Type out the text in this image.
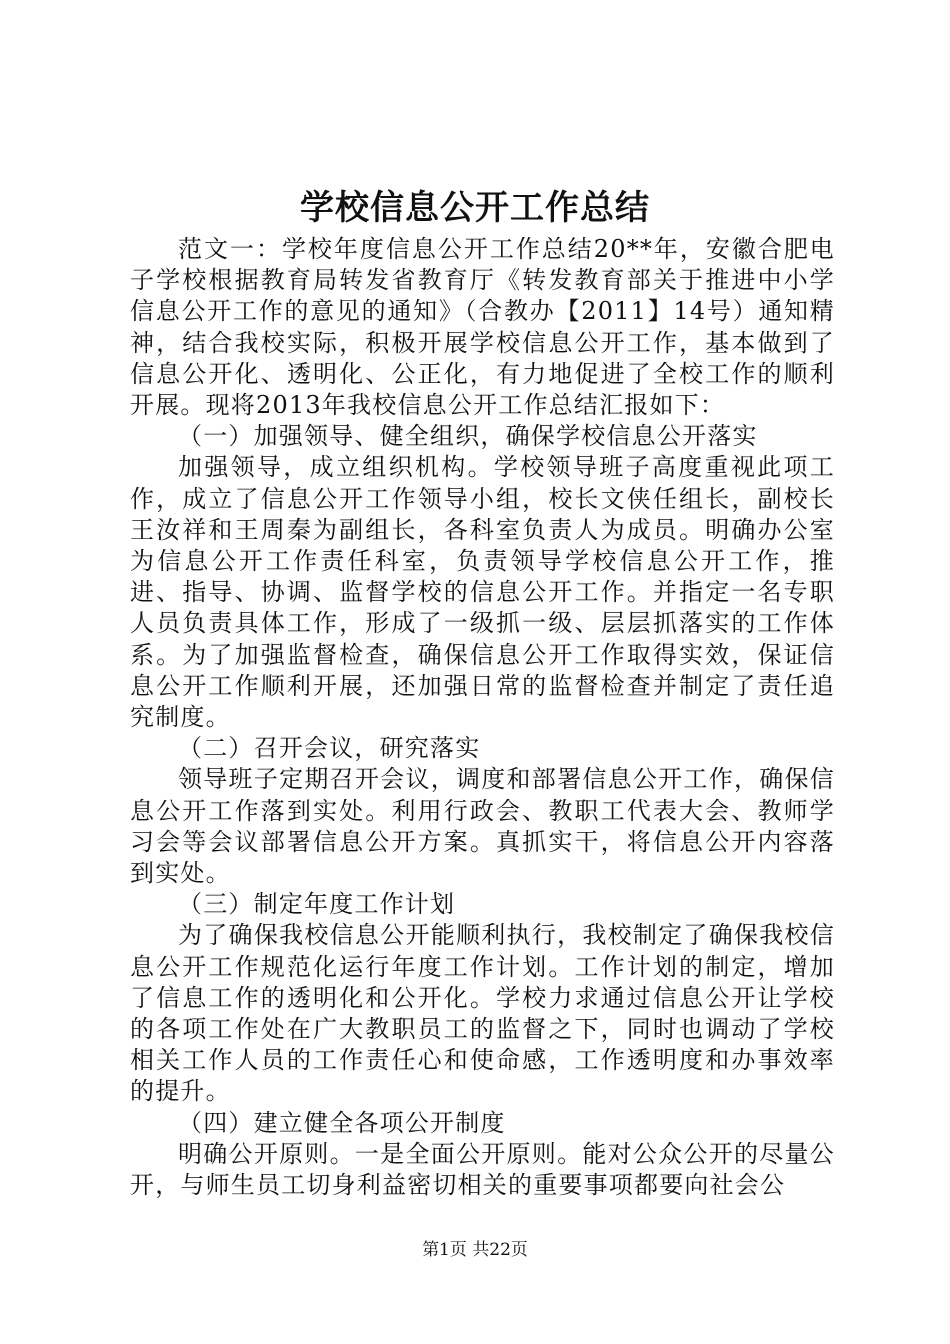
学校信息公开工作总结

范文一：学校年度信息公开工作总结20**年，安徽合肥电子学校根据教育局转发省教育厅《转发教育部关于推进中小学信息公开工作的意见的通知》（合教办【2011】14号）通知精神，结合我校实际，积极开展学校信息公开工作，基本做到了信息公开化、透明化、公正化，有力地促进了全校工作的顺利开展。现将2013年我校信息公开工作总结汇报如下：

（一）加强领导、健全组织，确保学校信息公开落实

加强领导，成立组织机构。学校领导班子高度重视此项工作，成立了信息公开工作领导小组，校长文侠任组长，副校长王汝祥和王周秦为副组长，各科室负责人为成员。明确办公室为信息公开工作责任科室，负责领导学校信息公开工作，推进、指导、协调、监督学校的信息公开工作。并指定一名专职人员负责具体工作，形成了一级抓一级、层层抓落实的工作体系。为了加强监督检查，确保信息公开工作取得实效，保证信息公开工作顺利开展，还加强日常的监督检查并制定了责任追究制度。

（二）召开会议，研究落实

领导班子定期召开会议，调度和部署信息公开工作，确保信息公开工作落到实处。利用行政会、教职工代表大会、教师学习会等会议部署信息公开方案。真抓实干，将信息公开内容落到实处。

（三）制定年度工作计划

为了确保我校信息公开能顺利执行，我校制定了确保我校信息公开工作规范化运行年度工作计划。工作计划的制定，增加了信息工作的透明化和公开化。学校力求通过信息公开让学校的各项工作处在广大教职员工的监督之下，同时也调动了学校相关工作人员的工作责任心和使命感，工作透明度和办事效率的提升。

（四）建立健全各项公开制度

明确公开原则。一是全面公开原则。能对公众公开的尽量公开，与师生员工切身利益密切相关的重要事项都要向社会公

第1页 共22页
